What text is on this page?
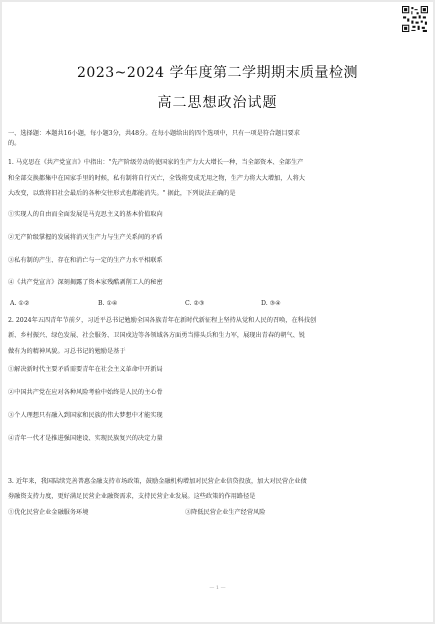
2023~2024 学年度第二学期期末质量检测
高二思想政治试题
一、选择题：本题共16小题，每小题3分，共48分。在每小题给出的四个选项中，只有一项是符合题目要求
的。
1. 马克思在《共产党宣言》中指出："先产阶级劳动的使国家的生产力大大增长一种，当全部资本、全部生产
和全部交换都集中在国家手里的时候，私有制将自行灭亡，全钱将变成无用之物，生产力将大大增加，人将大
大改变，以致将旧社会最后的各种交往形式也都能消失。" 据此，下列说法正确的是
①实现人的自由而全面发展是马克思主义的基本价值取向
②无产阶级掌握的发展将消灭生产力与生产关系间的矛盾
③私有制的产生、存在和消亡与一定的生产力水平相联系
④《共产党宣言》深刻揭露了资本家残酷剥削工人的秘密
A. ①②	B. ①④	C. ②③	D. ③④
2. 2024年五四青年节前夕，习近平总书记勉励全国各族青年在新时代新征程上坚持从觉和人民的召唤，在科技创
新、乡村振兴、绿色发展、社会服务、卫国戍边等各领域各方面勇当排头兵和生力军，展现出青春的朝气、锐
做有为的精神风貌。习总书记的勉励是基于
①解决新时代主要矛盾需要青年在社会主义革命中开新局
②中国共产党在应对各种风险考验中始终是人民的主心骨
③个人理想只有融入到国家和民族的伟大梦想中才能实现
④青年一代才是推进强国建设、实现民族复兴的决定力量
3. 近年来，我国陆续完善普惠金融支持市场政策，鼓励金融机构增加对民营企业信贷投放，加大对民营企业债
券融资支持力度，更好满足民营企业融资需求，支持民营企业发展。这些政策的作用路径是
①优化民营企业金融服务环境	③降低民营企业生产经营风险
— 1 —
